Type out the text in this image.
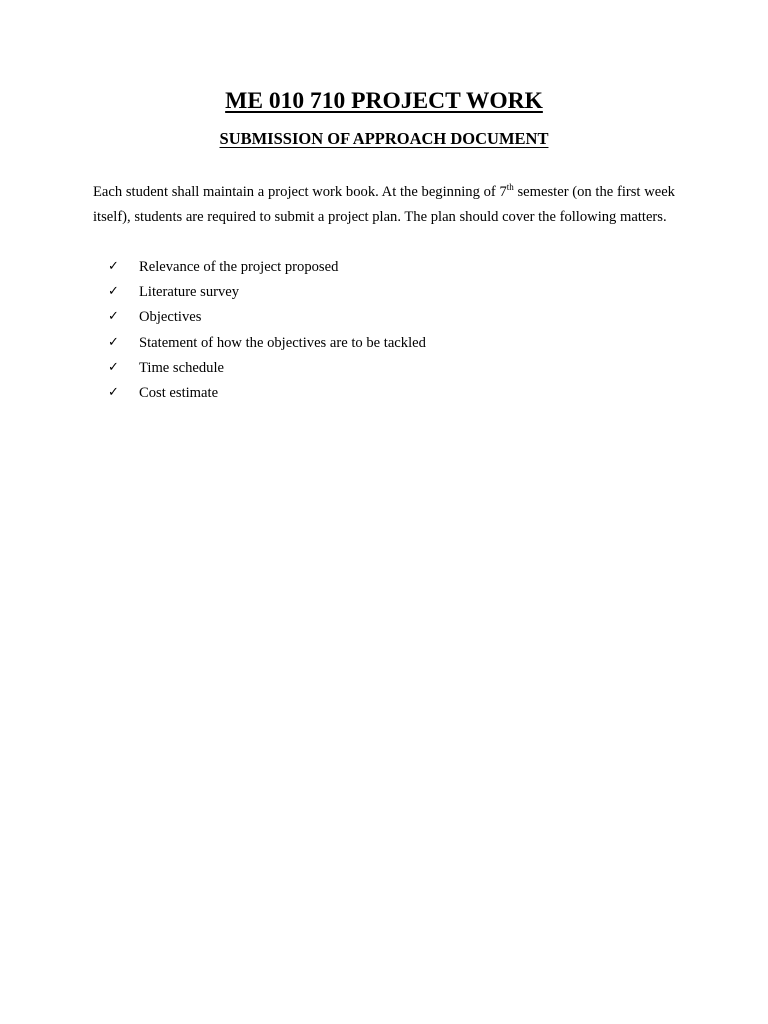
ME 010 710 PROJECT WORK
SUBMISSION OF APPROACH DOCUMENT

Each student shall maintain a project work book. At the beginning of 7th semester (on the first week itself), students are required to submit a project plan. The plan should cover the following matters.

✓	Relevance of the project proposed
✓	Literature survey
✓	Objectives
✓	Statement of how the objectives are to be tackled
✓	Time schedule
✓	Cost estimate
